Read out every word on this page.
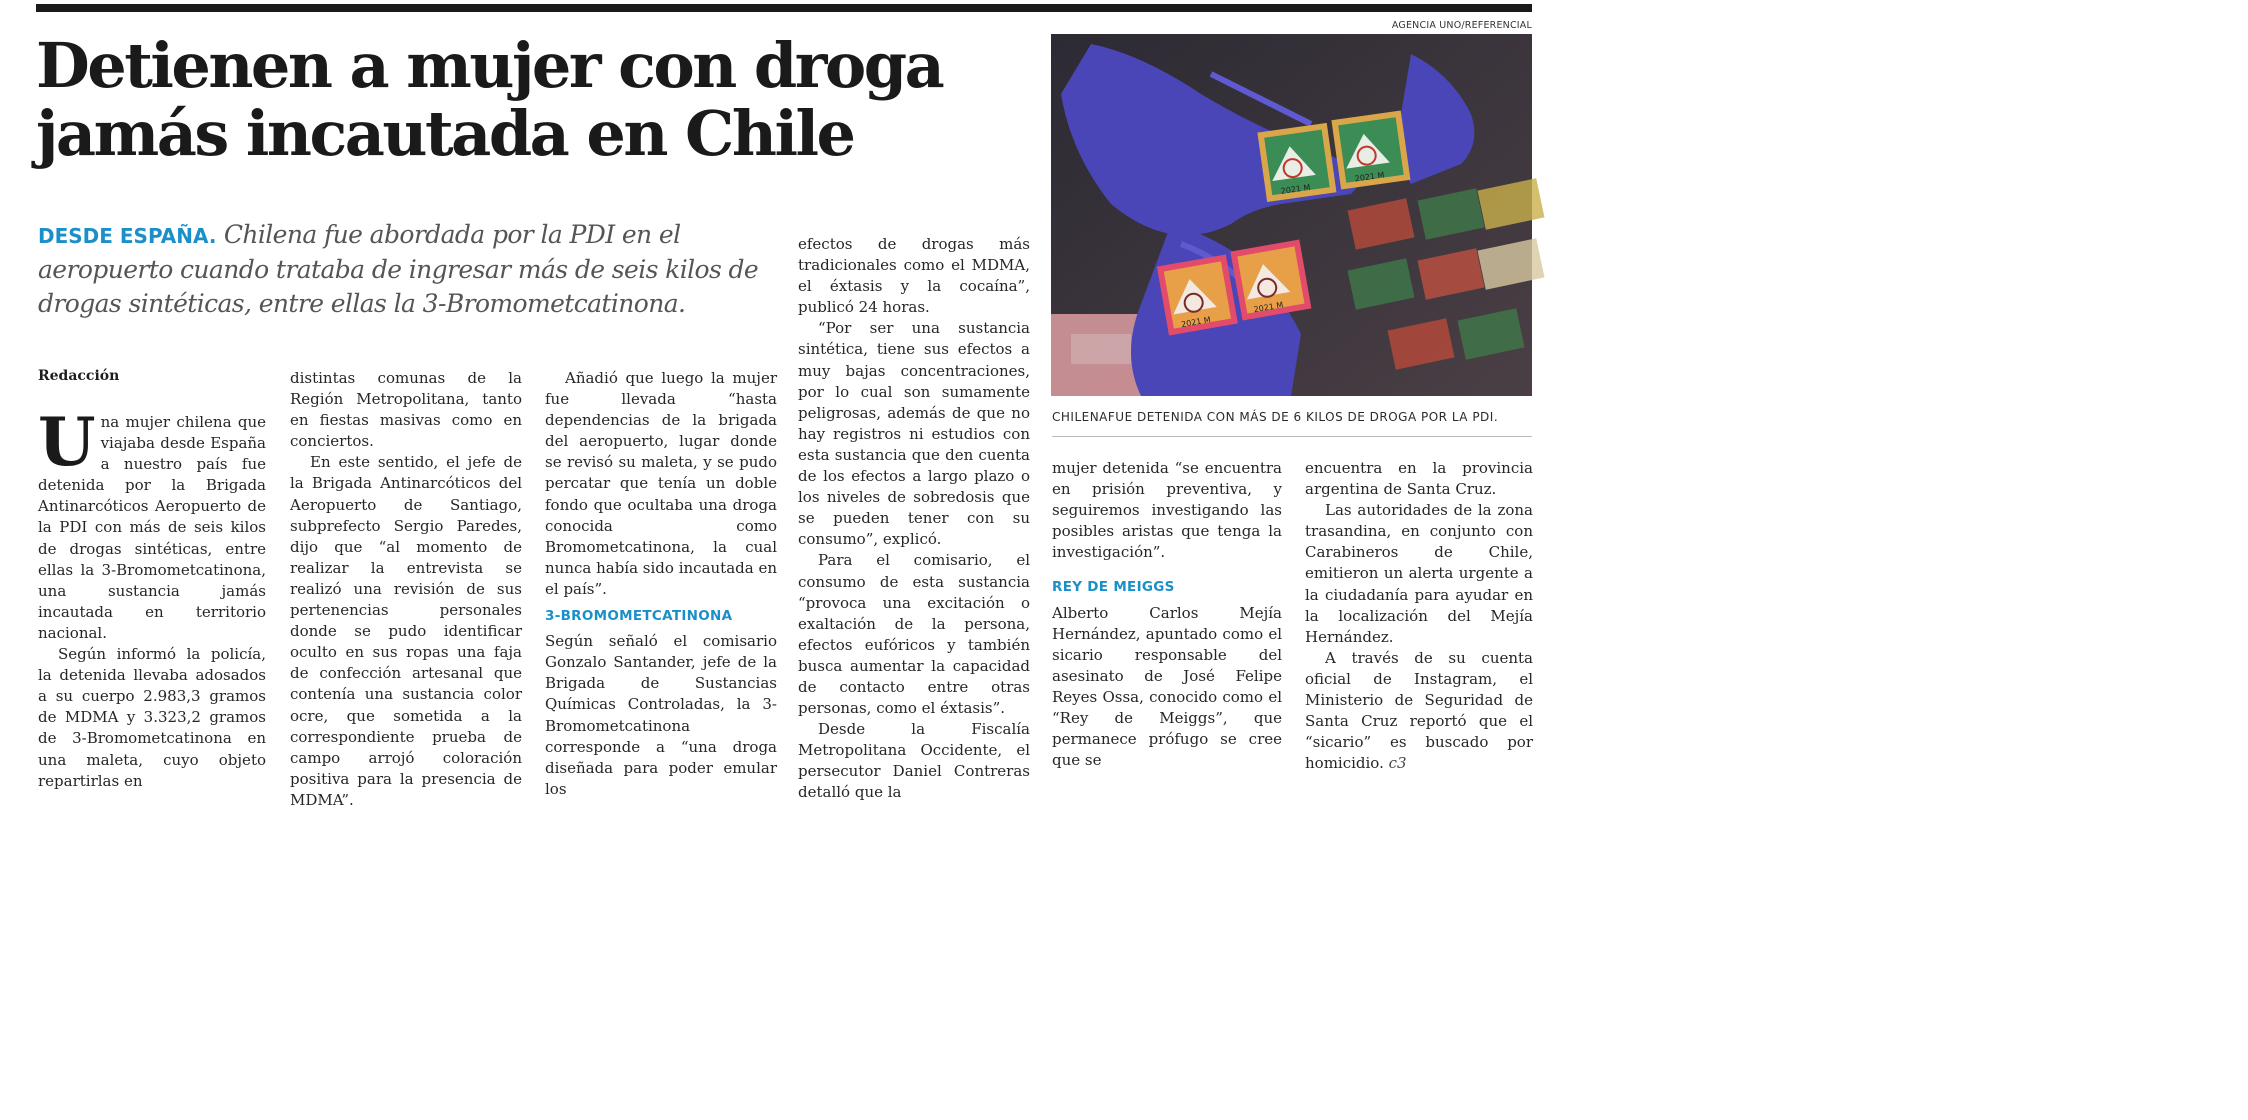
Detienen a mujer con droga
jamás incautada en Chile

DESDE ESPAÑA. Chilena fue abordada por la PDI en el aeropuerto cuando trataba de ingresar más de seis kilos de drogas sintéticas, entre ellas la 3-Bromometcatinona.

Redacción

Una mujer chilena que viajaba desde España a nuestro país fue detenida por la Brigada Antinarcóticos Aeropuerto de la PDI con más de seis kilos de drogas sintéticas, entre ellas la 3-Bromometcatinona, una sustancia jamás incautada en territorio nacional.

Según informó la policía, la detenida llevaba adosados a su cuerpo 2.983,3 gramos de MDMA y 3.323,2 gramos de 3-Bromometcatinona en una maleta, cuyo objeto repartirlas en

distintas comunas de la Región Metropolitana, tanto en fiestas masivas como en conciertos.

En este sentido, el jefe de la Brigada Antinarcóticos del Aeropuerto de Santiago, subprefecto Sergio Paredes, dijo que “al momento de realizar la entrevista se realizó una revisión de sus pertenencias personales donde se pudo identificar oculto en sus ropas una faja de confección artesanal que contenía una sustancia color ocre, que sometida a la correspondiente prueba de campo arrojó coloración positiva para la presencia de MDMA”.

Añadió que luego la mujer fue llevada “hasta dependencias de la brigada del aeropuerto, lugar donde se revisó su maleta, y se pudo percatar que tenía un doble fondo que ocultaba una droga conocida como Bromometcatinona, la cual nunca había sido incautada en el país”.

3-BROMOMETCATINONA

Según señaló el comisario Gonzalo Santander, jefe de la Brigada de Sustancias Químicas Controladas, la 3-Bromometcatinona corresponde a “una droga diseñada para poder emular los

efectos de drogas más tradicionales como el MDMA, el éxtasis y la cocaína”, publicó 24 horas.

“Por ser una sustancia sintética, tiene sus efectos a muy bajas concentraciones, por lo cual son sumamente peligrosas, además de que no hay registros ni estudios con esta sustancia que den cuenta de los efectos a largo plazo o los niveles de sobredosis que se pueden tener con su consumo”, explicó.

Para el comisario, el consumo de esta sustancia “provoca una excitación o exaltación de la persona, efectos eufóricos y también busca aumentar la capacidad de contacto entre otras personas, como el éxtasis”.

Desde la Fiscalía Metropolitana Occidente, el persecutor Daniel Contreras detalló que la

mujer detenida “se encuentra en prisión preventiva, y seguiremos investigando las posibles aristas que tenga la investigación”.

REY DE MEIGGS

Alberto Carlos Mejía Hernández, apuntado como el sicario responsable del asesinato de José Felipe Reyes Ossa, conocido como el “Rey de Meiggs”, que permanece prófugo se cree que se

encuentra en la provincia argentina de Santa Cruz.

Las autoridades de la zona trasandina, en conjunto con Carabineros de Chile, emitieron un alerta urgente a la ciudadanía para ayudar en la localización del Mejía Hernández.

A través de su cuenta oficial de Instagram, el Ministerio de Seguridad de Santa Cruz reportó que el “sicario” es buscado por homicidio. c3

AGENCIA UNO/REFERENCIAL
2021 M
2021 M
2021 M
2021 M
CHILENAFUE DETENIDA CON MÁS DE 6 KILOS DE DROGA POR LA PDI.
